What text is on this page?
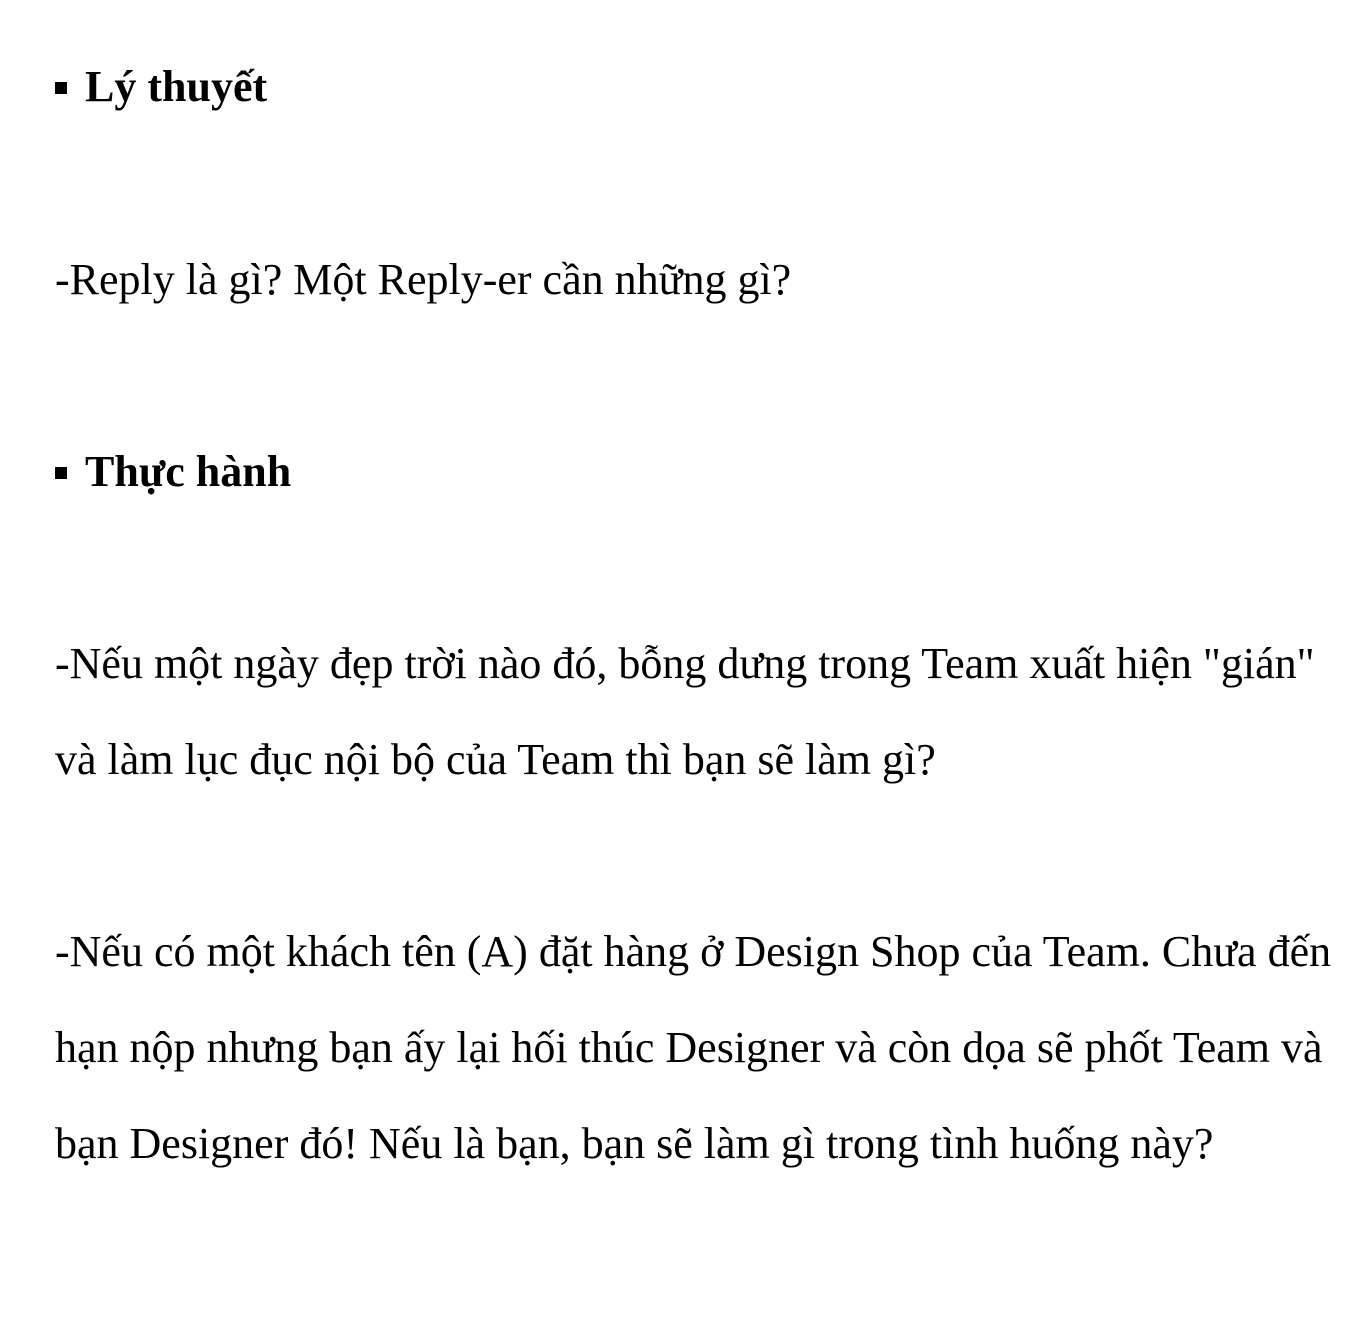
Lý thuyết

-Reply là gì? Một Reply-er cần những gì?

Thực hành

-Nếu một ngày đẹp trời nào đó, bỗng dưng trong Team xuất hiện "gián" và làm lục đục nội bộ của Team thì bạn sẽ làm gì?

-Nếu có một khách tên (A) đặt hàng ở Design Shop của Team. Chưa đến hạn nộp nhưng bạn ấy lại hối thúc Designer và còn dọa sẽ phốt Team và bạn Designer đó! Nếu là bạn, bạn sẽ làm gì trong tình huống này?
